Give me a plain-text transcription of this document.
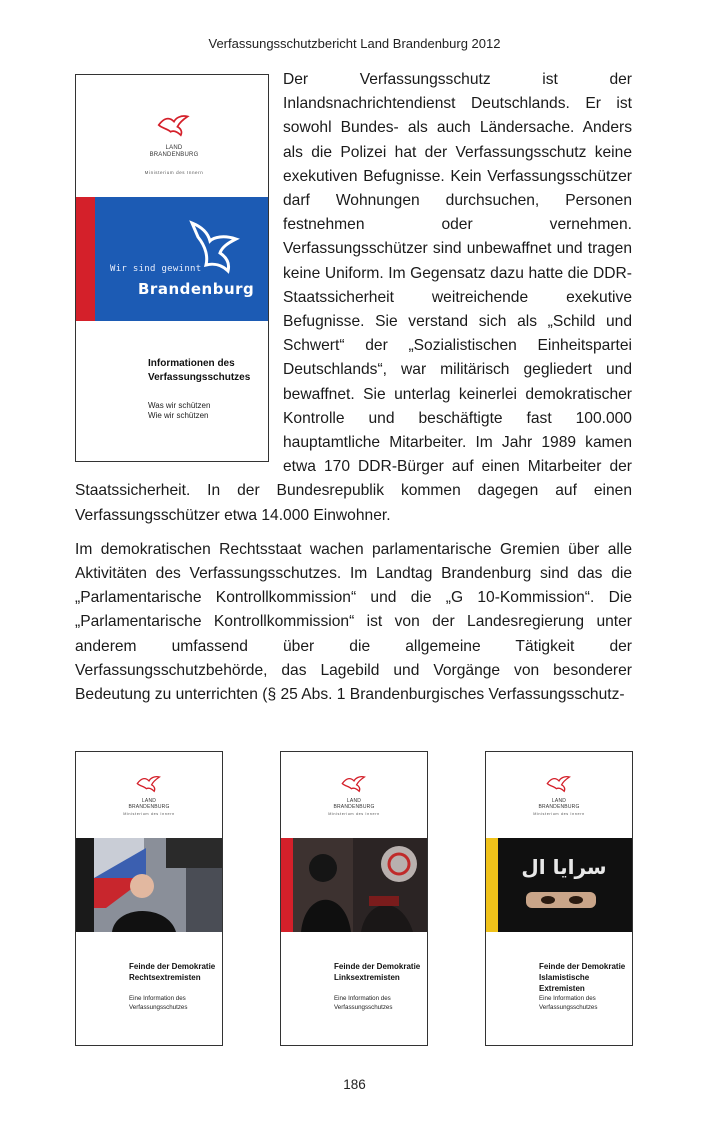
Verfassungsschutzbericht Land Brandenburg 2012
LAND
BRANDENBURG
Ministerium des Innern
Wir sind gewinnt
Brandenburg
Informationen des
Verfassungsschutzes
Was wir schützen
Wie wir schützen

Der Verfassungsschutz ist der Inlandsnachrichtendienst Deutschlands. Er ist sowohl Bundes- als auch Ländersache. Anders als die Polizei hat der Verfassungsschutz keine exekutiven Befugnisse. Kein Verfassungsschützer darf Wohnungen durchsuchen, Personen festnehmen oder vernehmen. Verfassungsschützer sind unbewaffnet und tragen keine Uniform. Im Gegensatz dazu hatte die DDR-Staatssicherheit weitreichende exekutive Befugnisse. Sie verstand sich als „Schild und Schwert“ der „Sozialistischen Einheitspartei Deutschlands“, war militärisch gegliedert und bewaffnet. Sie unterlag keinerlei demokratischer Kontrolle und beschäftigte fast 100.000 hauptamtliche Mitarbeiter. Im Jahr 1989 kamen etwa 170 DDR-Bürger auf einen Mitarbeiter der Staatssicherheit. In der Bundesrepublik kommen dagegen auf einen Verfassungsschützer etwa 14.000 Einwohner.

Im demokratischen Rechtsstaat wachen parlamentarische Gremien über alle Aktivitäten des Verfassungsschutzes. Im Landtag Brandenburg sind das die „Parlamentarische Kontrollkommission“ und die „G 10-Kommission“. Die „Parlamentarische Kontrollkommission“ ist von der Landesregierung unter anderem umfassend über die allgemeine Tätigkeit der Verfassungsschutzbehörde, das Lagebild und Vorgänge von besonderer Bedeutung zu unterrichten (§ 25 Abs. 1 Brandenburgisches Verfassungsschutz-

LAND
BRANDENBURG
Ministerium des Innern
Feinde der Demokratie
Rechtsextremisten
Eine Information des
Verfassungsschutzes
LAND
BRANDENBURG
Ministerium des Innern
Feinde der Demokratie
Linksextremisten
Eine Information des
Verfassungsschutzes
LAND
BRANDENBURG
Ministerium des Innern
سرايا ال
Feinde der Demokratie
Islamistische Extremisten
Eine Information des
Verfassungsschutzes
186
